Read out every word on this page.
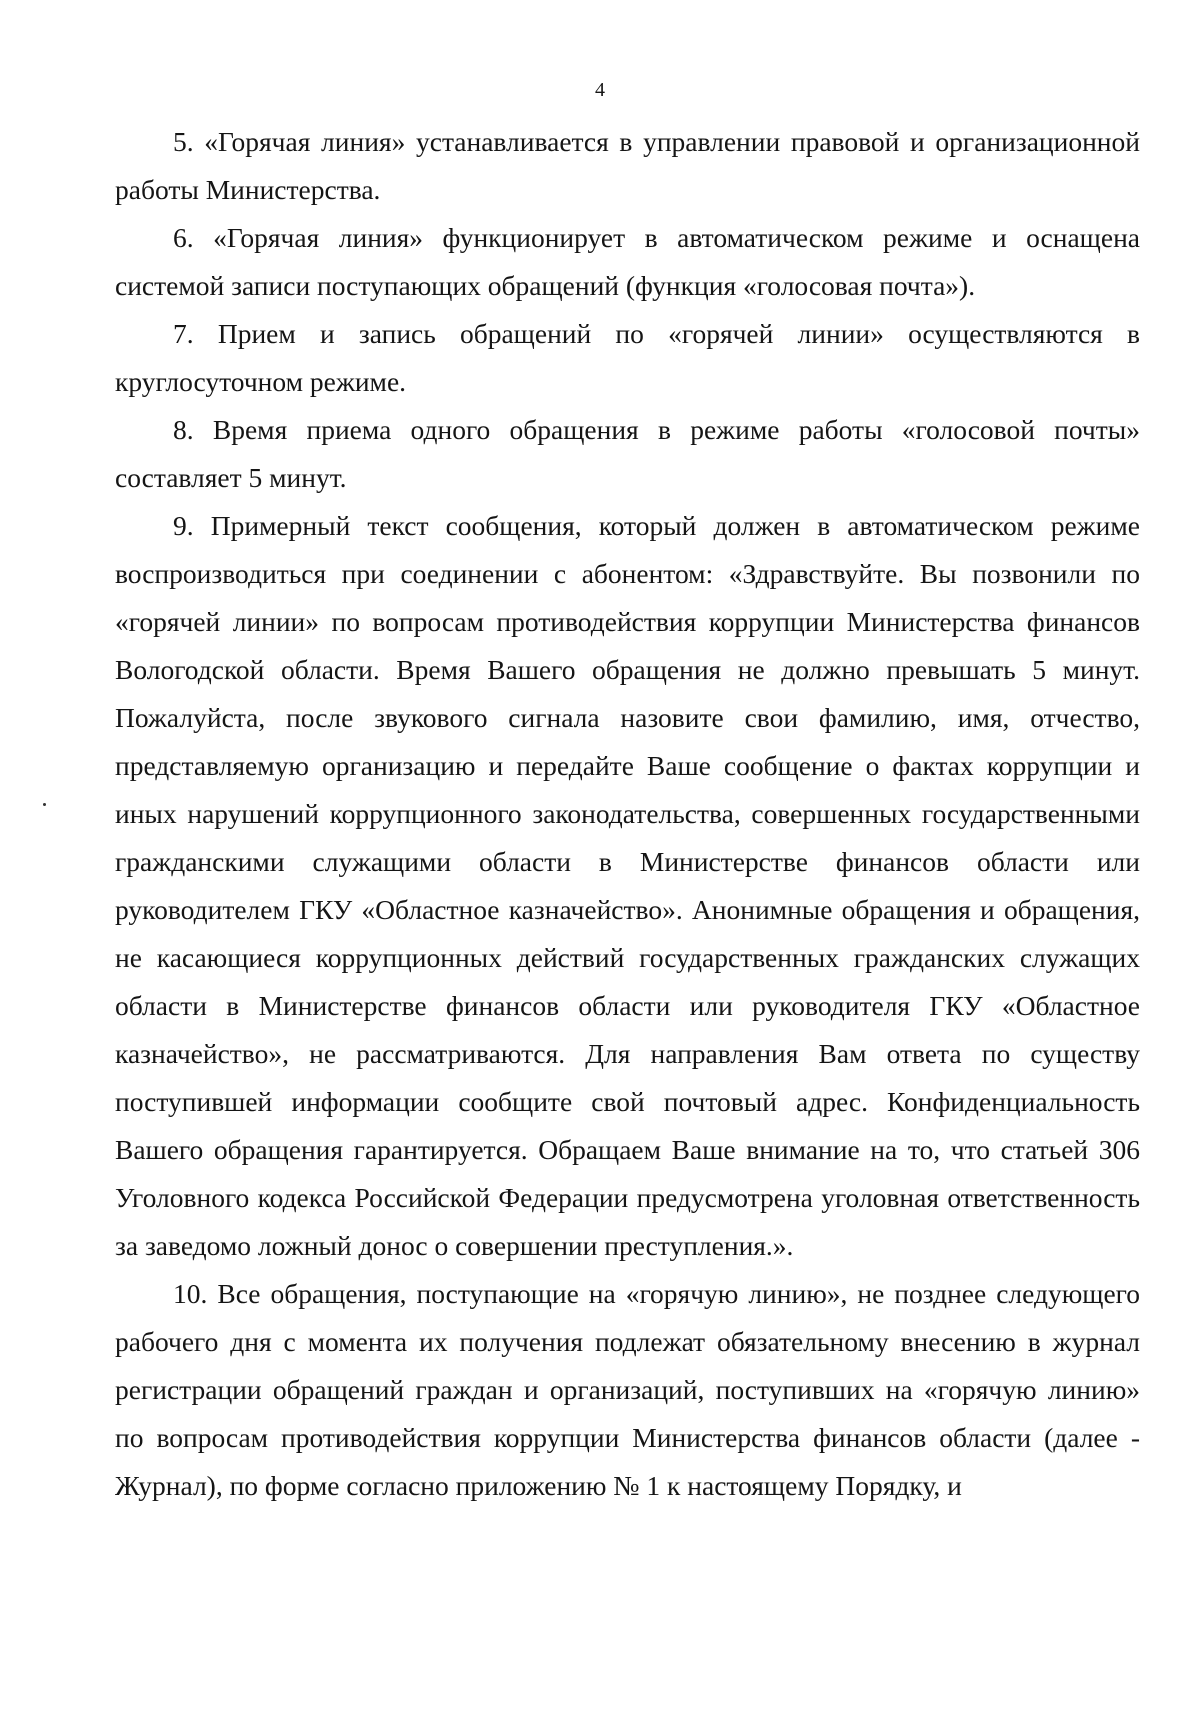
4

5. «Горячая линия» устанавливается в управлении правовой и организационной работы Министерства.

6. «Горячая линия» функционирует в автоматическом режиме и оснащена системой записи поступающих обращений (функция «голосовая почта»).

7. Прием и запись обращений по «горячей линии» осуществляются в круглосуточном режиме.

8. Время приема одного обращения в режиме работы «голосовой почты» составляет 5 минут.

9. Примерный текст сообщения, который должен в автоматическом режиме воспроизводиться при соединении с абонентом: «Здравствуйте. Вы позвонили по «горячей линии» по вопросам противодействия коррупции Министерства финансов Вологодской области. Время Вашего обращения не должно превышать 5 минут. Пожалуйста, после звукового сигнала назовите свои фамилию, имя, отчество, представляемую организацию и передайте Ваше сообщение о фактах коррупции и иных нарушений коррупционного законодательства, совершенных государственными гражданскими служащими области в Министерстве финансов области или руководителем ГКУ «Областное казначейство». Анонимные обращения и обращения, не касающиеся коррупционных действий государственных гражданских служащих области в Министерстве финансов области или руководителя ГКУ «Областное казначейство», не рассматриваются. Для направления Вам ответа по существу поступившей информации сообщите свой почтовый адрес. Конфиденциальность Вашего обращения гарантируется. Обращаем Ваше внимание на то, что статьей 306 Уголовного кодекса Российской Федерации предусмотрена уголовная ответственность за заведомо ложный донос о совершении преступления.».

10. Все обращения, поступающие на «горячую линию», не позднее следующего рабочего дня с момента их получения подлежат обязательному внесению в журнал регистрации обращений граждан и организаций, поступивших на «горячую линию» по вопросам противодействия коррупции Министерства финансов области (далее - Журнал), по форме согласно приложению № 1 к настоящему Порядку, и
